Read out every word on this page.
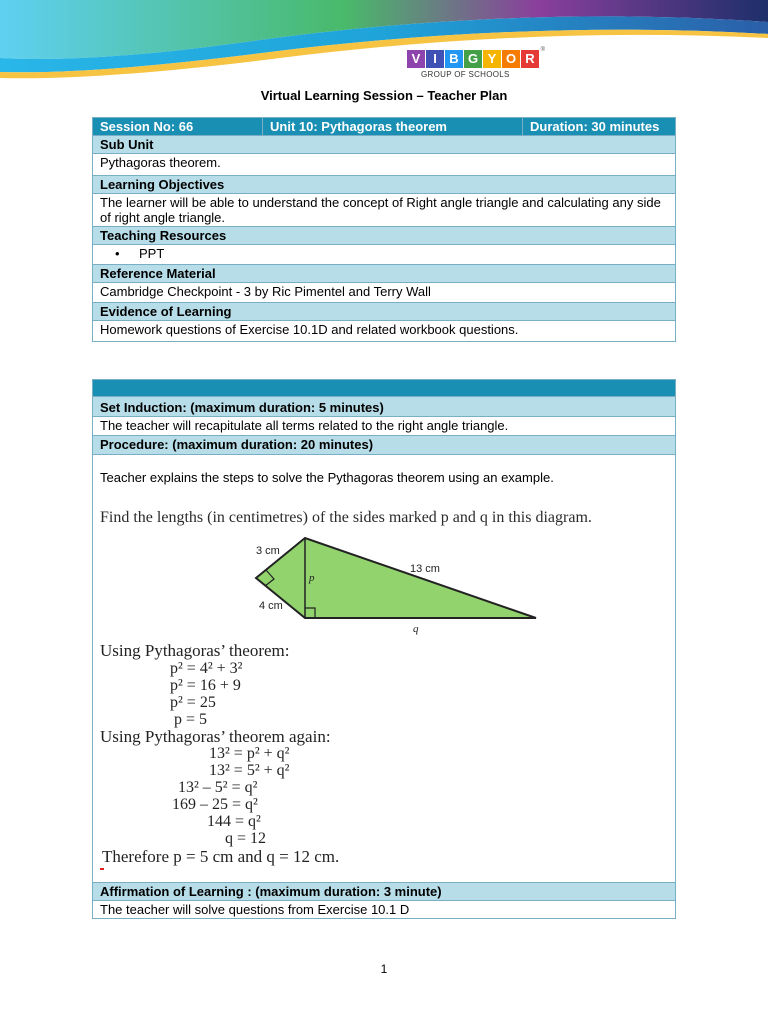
V I B G Y O R
®
GROUP OF SCHOOLS
Virtual Learning Session – Teacher Plan
Session No: 66	Unit 10: Pythagoras theorem	Duration: 30 minutes
Sub Unit
Pythagoras theorem.
Learning Objectives
The learner will be able to understand the concept of Right angle triangle and calculating any side of right angle triangle.
Teaching Resources
• PPT
Reference Material
Cambridge Checkpoint - 3 by Ric Pimentel and Terry Wall
Evidence of Learning
Homework questions of Exercise 10.1D and related workbook questions.

Set Induction: (maximum duration: 5 minutes)
The teacher will recapitulate all terms related to the right angle triangle.
Procedure: (maximum duration: 20 minutes)
Teacher explains the steps to solve the Pythagoras theorem using an example.
Affirmation of Learning : (maximum duration: 3 minute)
The teacher will solve questions from Exercise 10.1 D
Find the lengths (in centimetres) of the sides marked p and q in this diagram.
3 cm
4 cm
13 cm
p
q
Using Pythagoras’ theorem:
p² = 4² + 3²
p² = 16 + 9
p² = 25
p = 5
Using Pythagoras’ theorem again:
13² = p² + q²
13² = 5² + q²
13² – 5² = q²
169 – 25 = q²
144 = q²
q = 12
Therefore p = 5 cm and q = 12 cm.
1
